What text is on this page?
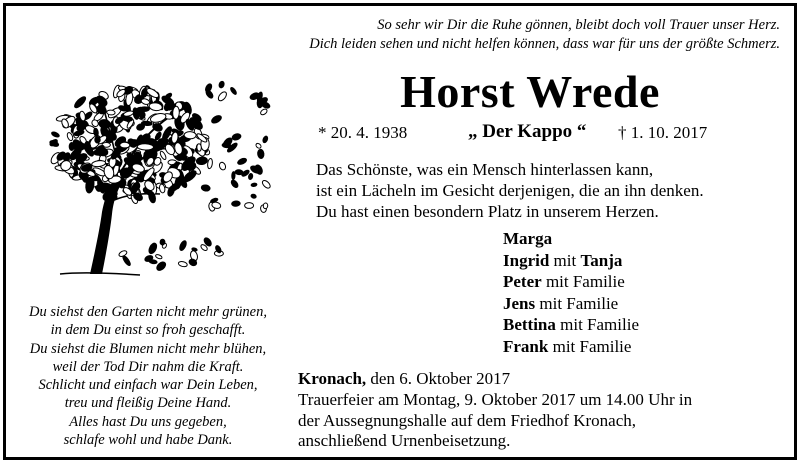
So sehr wir Dir die Ruhe gönnen, bleibt doch voll Trauer unser Herz.
Dich leiden sehen und nicht helfen können, dass war für uns der größte Schmerz.
Horst Wrede
* 20. 4. 1938	„ Der Kappo “ † 1. 10. 2017
Das Schönste, was ein Mensch hinterlassen kann,
ist ein Lächeln im Gesicht derjenigen, die an ihn denken.
Du hast einen besondern Platz in unserem Herzen.
Marga
Ingrid mit Tanja
Peter mit Familie
Jens mit Familie
Bettina mit Familie
Frank mit Familie
Du siehst den Garten nicht mehr grünen,
in dem Du einst so froh geschafft.
Du siehst die Blumen nicht mehr blühen,
weil der Tod Dir nahm die Kraft.
Schlicht und einfach war Dein Leben,
treu und fleißig Deine Hand.
Alles hast Du uns gegeben,
schlafe wohl und habe Dank.
Kronach, den 6. Oktober 2017
Trauerfeier am Montag, 9. Oktober 2017 um 14.00 Uhr in
der Aussegnungshalle auf dem Friedhof Kronach,
anschließend Urnenbeisetzung.
